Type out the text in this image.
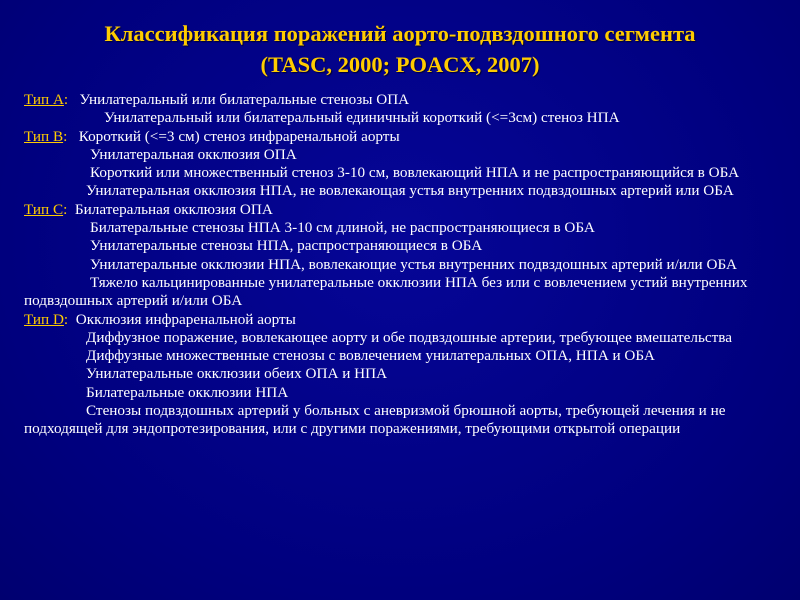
Классификация поражений аорто-подвздошного сегмента
(TASC, 2000; POACX, 2007)
Тип А: Унилатеральный или билатеральные стенозы ОПА
Унилатеральный или билатеральный единичный короткий (<=3см) стеноз НПА
Тип В: Короткий (<=3 см) стеноз инфраренальной аорты
Унилатеральная окклюзия ОПА
Короткий или множественный стеноз 3-10 см, вовлекающий НПА и не распространяющийся в ОБА
Унилатеральная окклюзия НПА, не вовлекающая устья внутренних подвздошных артерий или ОБА
Тип С: Билатеральная окклюзия ОПА
Билатеральные стенозы НПА 3-10 см длиной, не распространяющиеся в ОБА
Унилатеральные стенозы НПА, распространяющиеся в ОБА
Унилатеральные окклюзии НПА, вовлекающие устья внутренних подвздошных артерий и/или ОБА
Тяжело кальцинированные унилатеральные окклюзии НПА без или с вовлечением устий внутренних подвздошных артерий и/или ОБА
Тип D: Окклюзия инфраренальной аорты
Диффузное поражение, вовлекающее аорту и обе подвздошные артерии, требующее вмешательства
Диффузные множественные стенозы с вовлечением унилатеральных ОПА, НПА и ОБА
Унилатеральные окклюзии обеих ОПА и НПА
Билатеральные окклюзии НПА
Стенозы подвздошных артерий у больных с аневризмой брюшной аорты, требующей лечения и не подходящей для эндопротезирования, или с другими поражениями, требующими открытой операции
